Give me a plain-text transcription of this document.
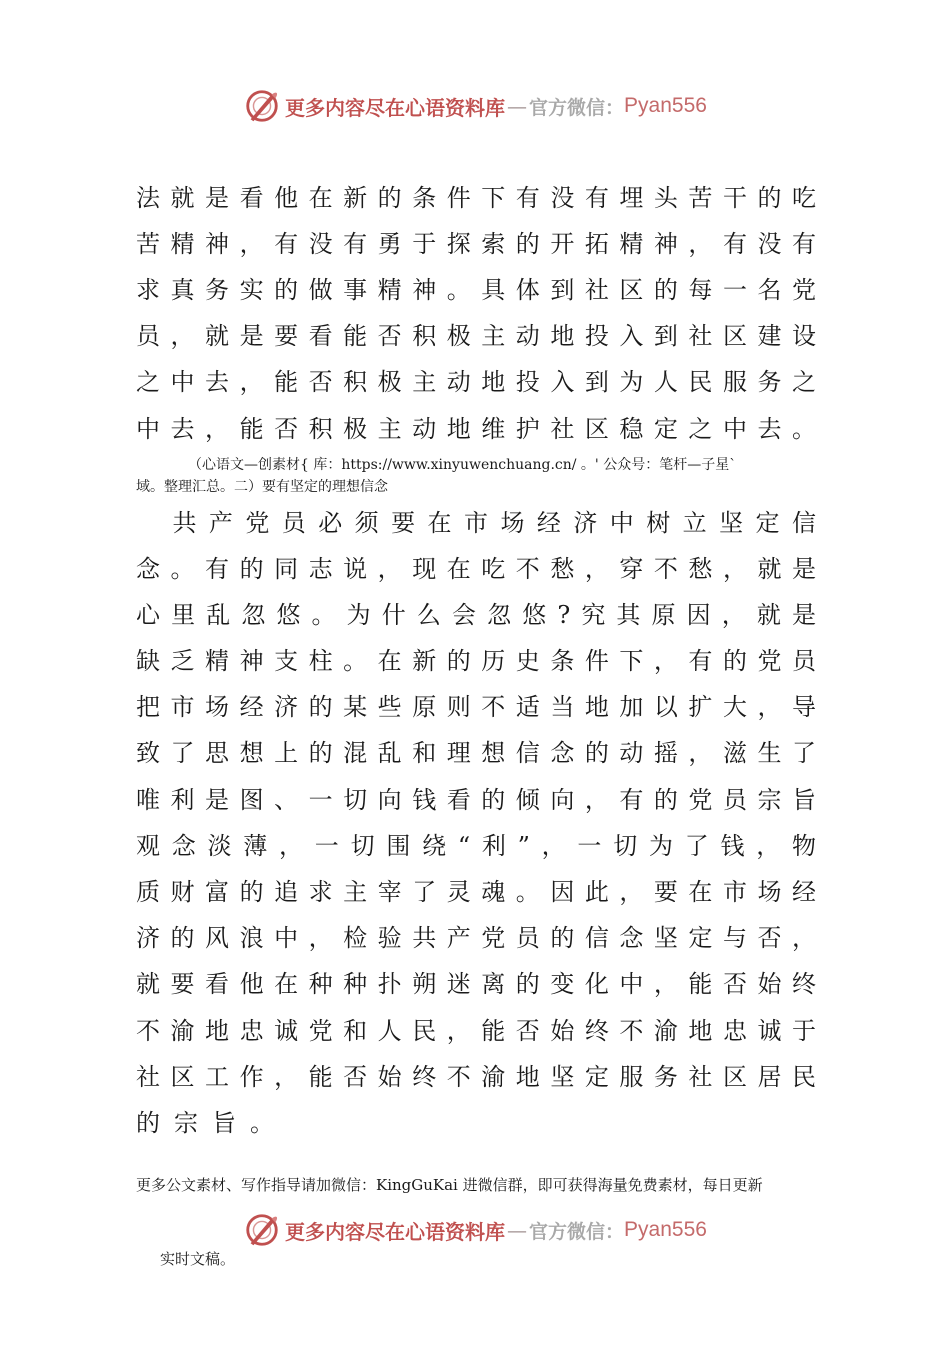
更多内容尽在心语资料库 — 官方微信： Pyan556
法就是看他在新的条件下有没有埋头苦干的吃
苦精神，有没有勇于探索的开拓精神，有没有
求真务实的做事精神。具体到社区的每一名党
员，就是要看能否积极主动地投入到社区建设
之中去，能否积极主动地投入到为人民服务之
中去，能否积极主动地维护社区稳定之中去。
（心语文—创素材{ 库：https://www.xinyuwenchuang.cn/ 。' 公众号：笔杆—子星`
域。整理汇总。二）要有坚定的理想信念
　共产党员必须要在市场经济中树立坚定信
念。有的同志说，现在吃不愁，穿不愁，就是
心里乱忽悠。为什么会忽悠?究其原因，就是
缺乏精神支柱。在新的历史条件下，有的党员
把市场经济的某些原则不适当地加以扩大，导
致了思想上的混乱和理想信念的动摇，滋生了
唯利是图、一切向钱看的倾向，有的党员宗旨
观念淡薄，一切围绕“利”，一切为了钱，物
质财富的追求主宰了灵魂。因此，要在市场经
济的风浪中，检验共产党员的信念坚定与否，
就要看他在种种扑朔迷离的变化中，能否始终
不渝地忠诚党和人民，能否始终不渝地忠诚于
社区工作，能否始终不渝地坚定服务社区居民
的宗旨。
更多公文素材、写作指导请加微信：KingGuKai 进微信群，即可获得海量免费素材，每日更新
更多内容尽在心语资料库 — 官方微信： Pyan556
实时文稿。
